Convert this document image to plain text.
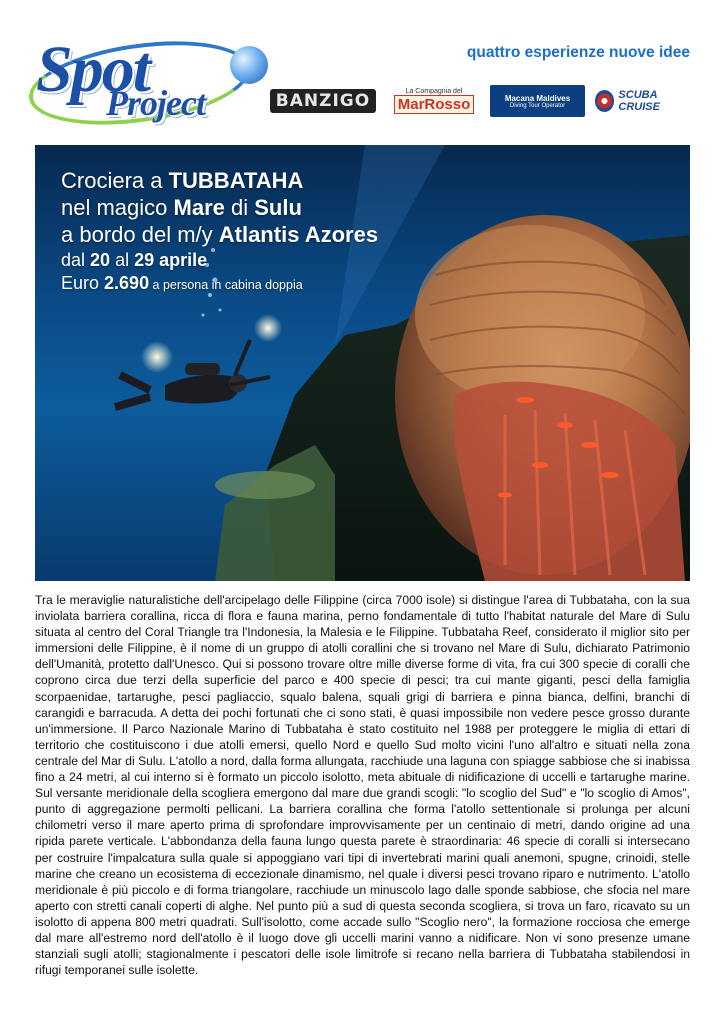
Spot
Project
quattro esperienze nuove idee
BANZIGO	La Compagnia del
MarRosso	Macana Maldives
Diving Tour Operator
SCUBA CRUISE
Crociera a TUBBATAHA
nel magico Mare di Sulu
a bordo del m/y Atlantis Azores
dal 20 al 29 aprile
Euro 2.690 a persona in cabina doppia

Tra le meraviglie naturalistiche dell'arcipelago delle Filippine (circa 7000 isole) si distingue l'area di Tubbataha, con la sua inviolata barriera corallina, ricca di flora e fauna marina, perno fondamentale di tutto l'habitat naturale del Mare di Sulu situata al centro del Coral Triangle tra l'Indonesia, la Malesia e le Filippine. Tubbataha Reef, considerato il miglior sito per immersioni delle Filippine, è il nome di un gruppo di atolli corallini che si trovano nel Mare di Sulu, dichiarato Patrimonio dell'Umanità, protetto dall'Unesco. Qui si possono trovare oltre mille diverse forme di vita, fra cui 300 specie di coralli che coprono circa due terzi della superficie del parco e 400 specie di pesci; tra cui mante giganti, pesci della famiglia scorpaenidae, tartarughe, pesci pagliaccio, squalo balena, squali grigi di barriera e pinna bianca, delfini, branchi di carangidi e barracuda. A detta dei pochi fortunati che ci sono stati, è quasi impossibile non vedere pesce grosso durante un'immersione. Il Parco Nazionale Marino di Tubbataha è stato costituito nel 1988 per proteggere le miglia di ettari di territorio che costituiscono i due atolli emersi, quello Nord e quello Sud molto vicini l'uno all'altro e situati nella zona centrale del Mar di Sulu. L'atollo a nord, dalla forma allungata, racchiude una laguna con spiagge sabbiose che si inabissa fino a 24 metri, al cui interno si è formato un piccolo isolotto, meta abituale di nidificazione di uccelli e tartarughe marine. Sul versante meridionale della scogliera emergono dal mare due grandi scogli: "lo scoglio del Sud" e "lo scoglio di Amos", punto di aggregazione permolti pellicani. La barriera corallina che forma l'atollo settentionale si prolunga per alcuni chilometri verso il mare aperto prima di sprofondare improvvisamente per un centinaio di metri, dando origine ad una ripida parete verticale. L'abbondanza della fauna lungo questa parete è straordinaria: 46 specie di coralli si intersecano per costruire l'impalcatura sulla quale si appoggiano vari tipi di invertebrati marini quali anemoni, spugne, crinoidi, stelle marine che creano un ecosistema di eccezionale dinamismo, nel quale i diversi pesci trovano riparo e nutrimento. L'atollo meridionale è più piccolo e di forma triangolare, racchiude un minuscolo lago dalle sponde sabbiose, che sfocia nel mare aperto con stretti canali coperti di alghe. Nel punto più a sud di questa seconda scogliera, si trova un faro, ricavato su un isolotto di appena 800 metri quadrati. Sull'isolotto, come accade sullo "Scoglio nero", la formazione rocciosa che emerge dal mare all'estremo nord dell'atollo è il luogo dove gli uccelli marini vanno a nidificare. Non vi sono presenze umane stanziali sugli atolli; stagionalmente i pescatori delle isole limitrofe si recano nella barriera di Tubbataha stabilendosi in rifugi temporanei sulle isolette.
